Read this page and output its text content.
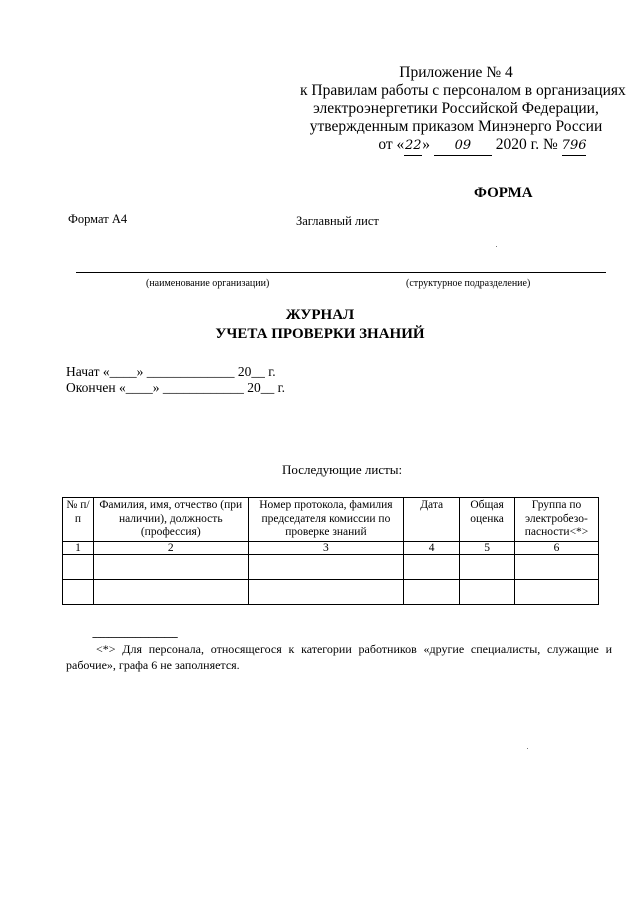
Приложение № 4
к Правилам работы с персоналом в организациях
электроэнергетики Российской Федерации,
утвержденным приказом Минэнерго России
от «22» 09 2020 г. № 796
ФОРМА
Формат А4	Заглавный лист
(наименование организации)	(структурное подразделение)
ЖУРНАЛ
УЧЕТА ПРОВЕРКИ ЗНАНИЙ
Начат «____» _____________ 20__ г.
Окончен «____» ____________ 20__ г.
Последующие листы:
№ п/п	Фамилия, имя, отчество (при наличии), должность (профессия)	Номер протокола, фамилия председателя комиссии по проверке знаний	Дата	Общая оценка	Группа по электробезо-пасности<*>
1	2	3	4	5	6

--------------------------------
<*> Для персонала, относящегося к категории работников «другие специалисты, служащие и рабочие», графа 6 не заполняется.
